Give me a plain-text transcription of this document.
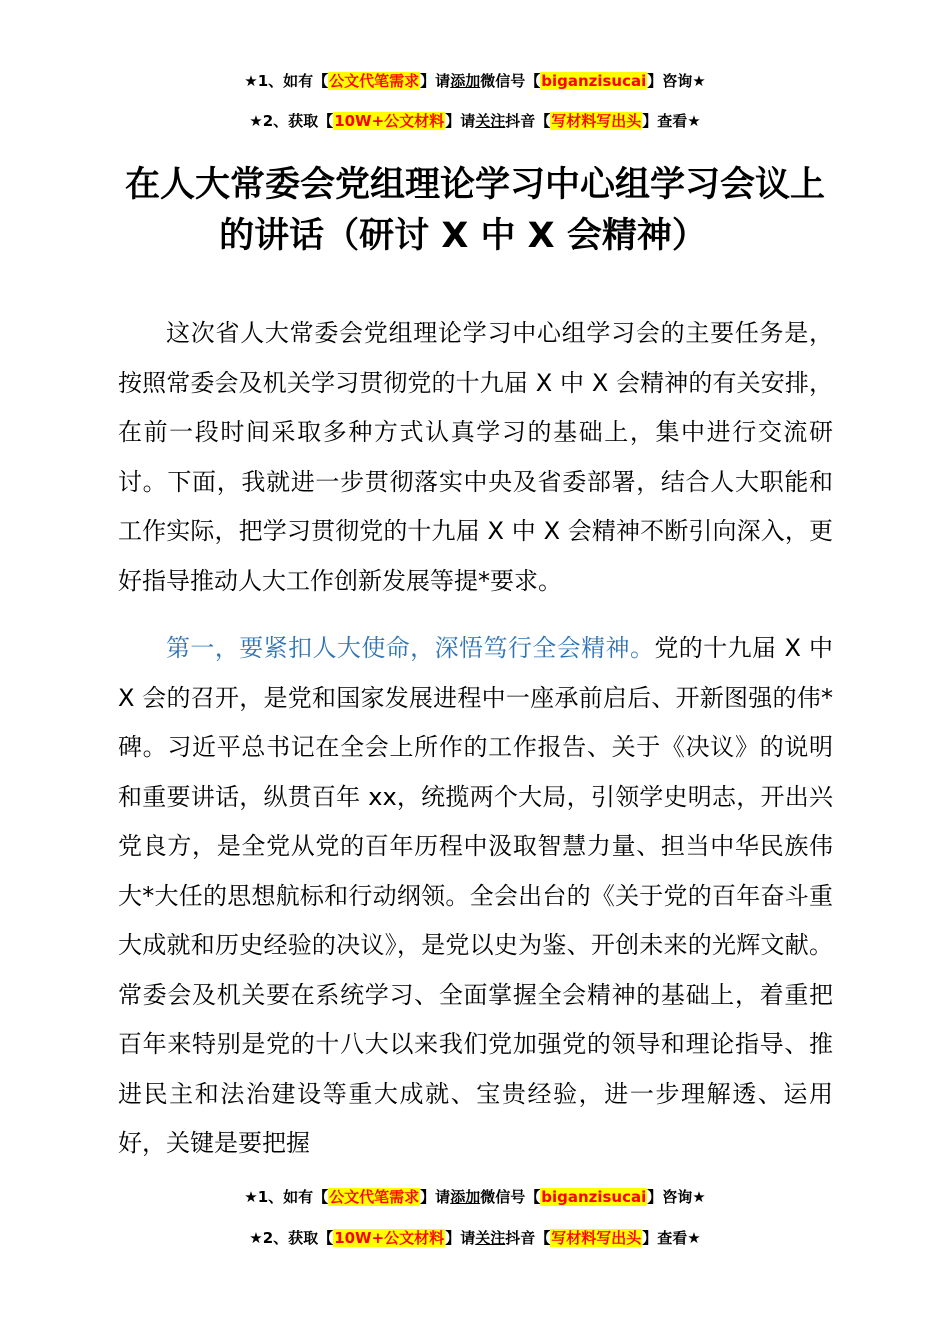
★1、如有【公文代笔需求】请添加微信号【biganzisucai】咨询★
★2、获取【10W+公文材料】请关注抖音【写材料写出头】查看★
在人大常委会党组理论学习中心组学习会议上
的讲话（研讨 X 中 X 会精神）

这次省人大常委会党组理论学习中心组学习会的主要任务是，按照常委会及机关学习贯彻党的十九届 X 中 X 会精神的有关安排，在前一段时间采取多种方式认真学习的基础上，集中进行交流研讨。下面，我就进一步贯彻落实中央及省委部署，结合人大职能和工作实际，把学习贯彻党的十九届 X 中 X 会精神不断引向深入，更好指导推动人大工作创新发展等提*要求。

第一，要紧扣人大使命，深悟笃行全会精神。党的十九届 X 中 X 会的召开，是党和国家发展进程中一座承前启后、开新图强的伟*碑。习近平总书记在全会上所作的工作报告、关于《决议》的说明和重要讲话，纵贯百年 xx，统揽两个大局，引领学史明志，开出兴党良方，是全党从党的百年历程中汲取智慧力量、担当中华民族伟大*大任的思想航标和行动纲领。全会出台的《关于党的百年奋斗重大成就和历史经验的决议》，是党以史为鉴、开创未来的光辉文献。常委会及机关要在系统学习、全面掌握全会精神的基础上，着重把百年来特别是党的十八大以来我们党加强党的领导和理论指导、推进民主和法治建设等重大成就、宝贵经验，进一步理解透、运用好，关键是要把握

★1、如有【公文代笔需求】请添加微信号【biganzisucai】咨询★
★2、获取【10W+公文材料】请关注抖音【写材料写出头】查看★
